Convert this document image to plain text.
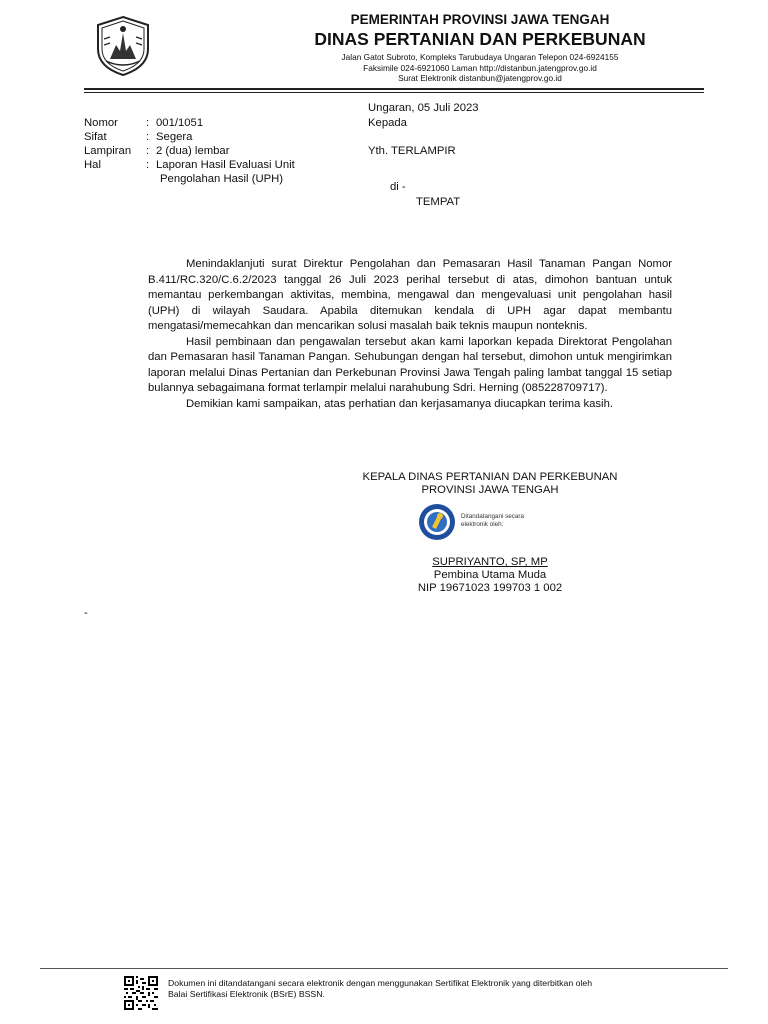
PEMERINTAH PROVINSI JAWA TENGAH
DINAS PERTANIAN DAN PERKEBUNAN
Jalan Gatot Subroto, Kompleks Tarubudaya Ungaran Telepon 024-6924155
Faksimile 024-6921060 Laman http://distanbun.jatengprov.go.id
Surat Elektronik distanbun@jatengprov.go.id
Ungaran, 05 Juli 2023
Kepada
Yth. TERLAMPIR
di -
TEMPAT
Nomor	:	001/1051
Sifat	:	Segera
Lampiran	:	2 (dua) lembar
Hal	:	Laporan Hasil Evaluasi Unit
		Pengolahan Hasil (UPH)

Menindaklanjuti surat Direktur Pengolahan dan Pemasaran Hasil Tanaman Pangan Nomor B.411/RC.320/C.6.2/2023 tanggal 26 Juli 2023 perihal tersebut di atas, dimohon bantuan untuk memantau perkembangan aktivitas, membina, mengawal dan mengevaluasi unit pengolahan hasil (UPH) di wilayah Saudara. Apabila ditemukan kendala di UPH agar dapat membantu mengatasi/memecahkan dan mencarikan solusi masalah baik teknis maupun nonteknis.

Hasil pembinaan dan pengawalan tersebut akan kami laporkan kepada Direktorat Pengolahan dan Pemasaran hasil Tanaman Pangan. Sehubungan dengan hal tersebut, dimohon untuk mengirimkan laporan melalui Dinas Pertanian dan Perkebunan Provinsi Jawa Tengah paling lambat tanggal 15 setiap bulannya sebagaimana format terlampir melalui narahubung Sdri. Herning (085228709717).

Demikian kami sampaikan, atas perhatian dan kerjasamanya diucapkan terima kasih.

KEPALA DINAS PERTANIAN DAN PERKEBUNAN
PROVINSI JAWA TENGAH
Ditandatangani secara
elektronik oleh:
SUPRIYANTO, SP, MP
Pembina Utama Muda
NIP 19671023 199703 1 002
-
Dokumen ini ditandatangani secara elektronik dengan menggunakan Sertifikat Elektronik yang diterbitkan oleh
Balai Sertifikasi Elektronik (BSrE) BSSN.
